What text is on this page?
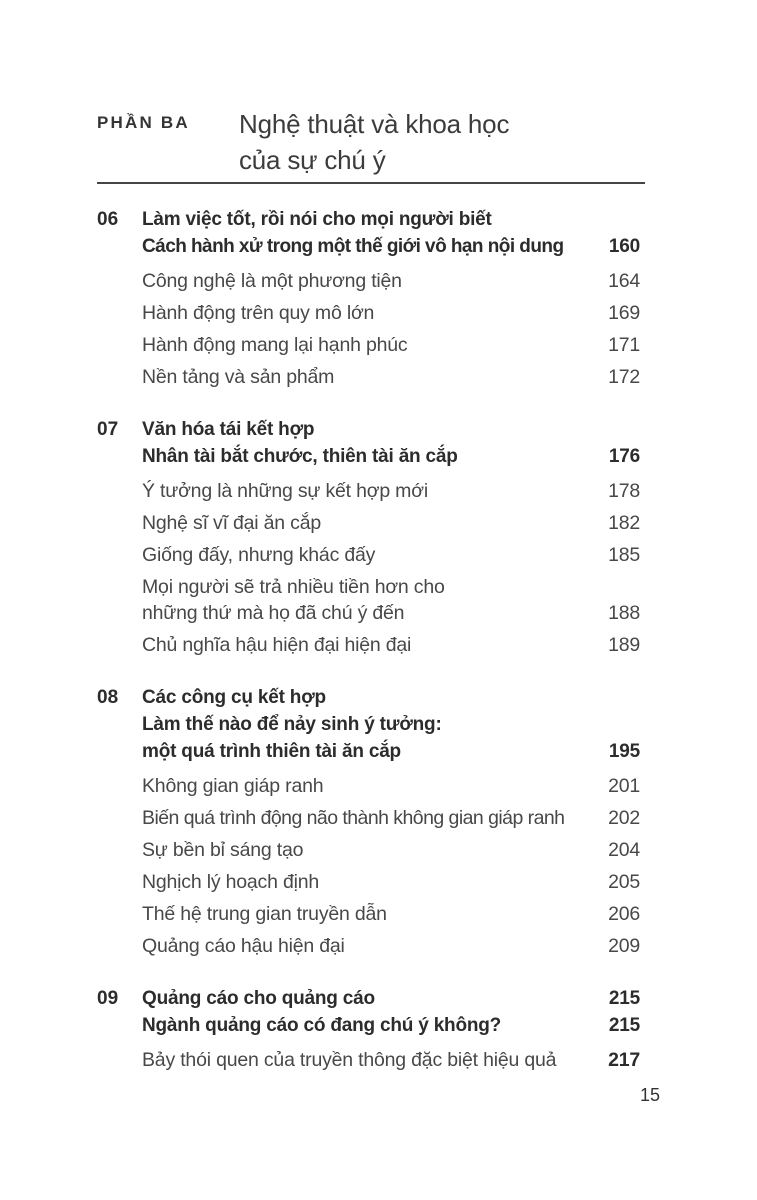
PHẦN BA	Nghệ thuật và khoa học
của sự chú ý
06	Làm việc tốt, rồi nói cho mọi người biết
Cách hành xử trong một thế giới vô hạn nội dung 160
Công nghệ là một phương tiện	164
Hành động trên quy mô lớn	169
Hành động mang lại hạnh phúc	171
Nền tảng và sản phẩm	172
07	Văn hóa tái kết hợp
Nhân tài bắt chước, thiên tài ăn cắp	176
Ý tưởng là những sự kết hợp mới	178
Nghệ sĩ vĩ đại ăn cắp	182
Giống đấy, nhưng khác đấy	185
Mọi người sẽ trả nhiều tiền hơn cho
những thứ mà họ đã chú ý đến	188
Chủ nghĩa hậu hiện đại hiện đại	189
08	Các công cụ kết hợp
Làm thế nào để nảy sinh ý tưởng:
một quá trình thiên tài ăn cắp	195
Không gian giáp ranh	201
Biến quá trình động não thành không gian giáp ranh 202
Sự bền bỉ sáng tạo	204
Nghịch lý hoạch định	205
Thế hệ trung gian truyền dẫn	206
Quảng cáo hậu hiện đại	209
09	Quảng cáo cho quảng cáo	215
Ngành quảng cáo có đang chú ý không?	215
Bảy thói quen của truyền thông đặc biệt hiệu quả	217
15
